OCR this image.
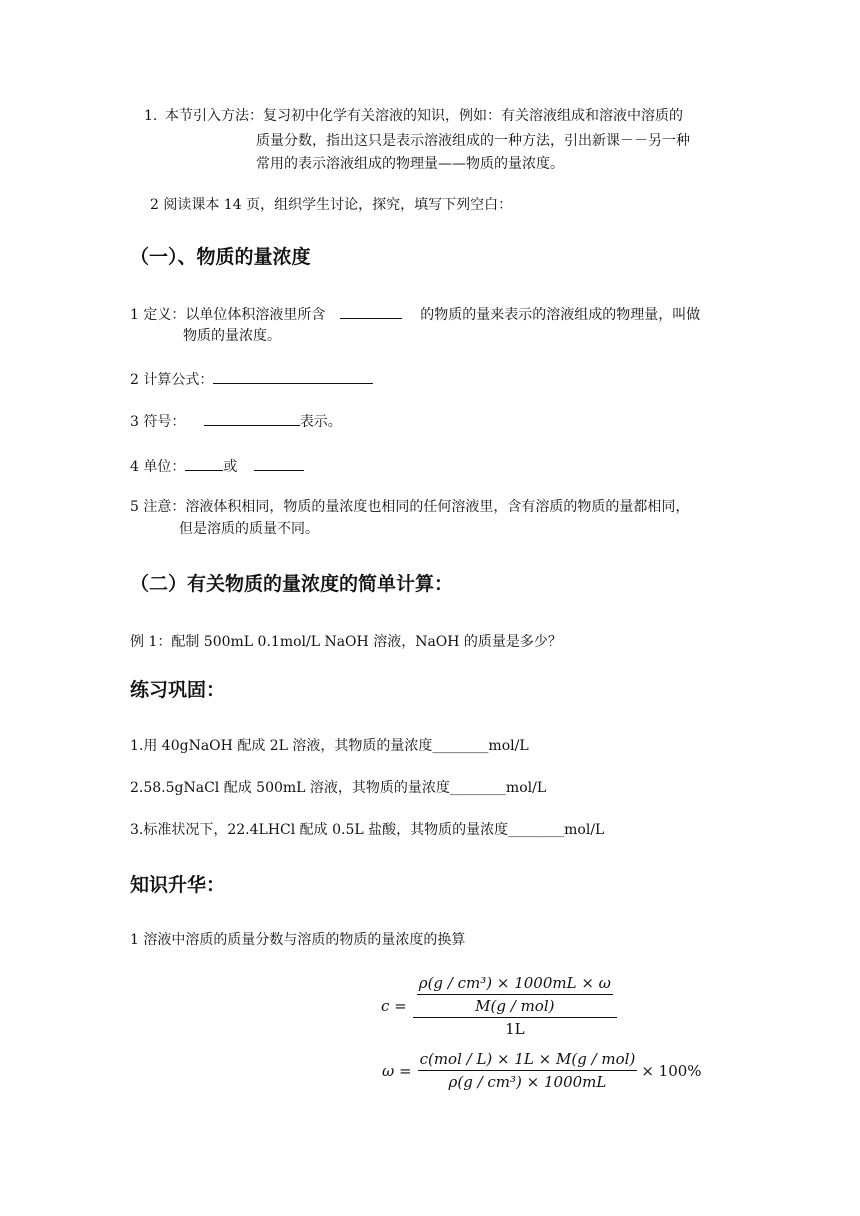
1. 本节引入方法：复习初中化学有关溶液的知识，例如：有关溶液组成和溶液中溶质的
质量分数，指出这只是表示溶液组成的一种方法，引出新课－－另一种
常用的表示溶液组成的物理量——物质的量浓度。
2 阅读课本 14 页，组织学生讨论，探究，填写下列空白：
（一）、物质的量浓度
1 定义：以单位体积溶液里所含	的物质的量来表示的溶液组成的物理量，叫做
物质的量浓度。
2 计算公式：
3 符号：	表示。
4 单位：	或
5 注意：溶液体积相同，物质的量浓度也相同的任何溶液里，含有溶质的物质的量都相同，
但是溶质的质量不同。
（二）有关物质的量浓度的简单计算：
例 1：配制 500mL 0.1mol/L NaOH 溶液，NaOH 的质量是多少？
练习巩固：
1.用 40gNaOH 配成 2L 溶液，其物质的量浓度________mol/L
2.58.5gNaCl 配成 500mL 溶液，其物质的量浓度________mol/L
3.标准状况下，22.4LHCl 配成 0.5L 盐酸，其物质的量浓度________mol/L
知识升华：
1 溶液中溶质的质量分数与溶质的物质的量浓度的换算
$c = \frac{\frac{\text{ρ(g / cm³) × 1000mL × ω}}{\text{M(g / mol)}}}{1L}$
$\omega = \frac{\text{c(mol / L) × 1L × M(g / mol)}}{\text{ρ(g / cm³) × 1000mL}} \times 100\%$
